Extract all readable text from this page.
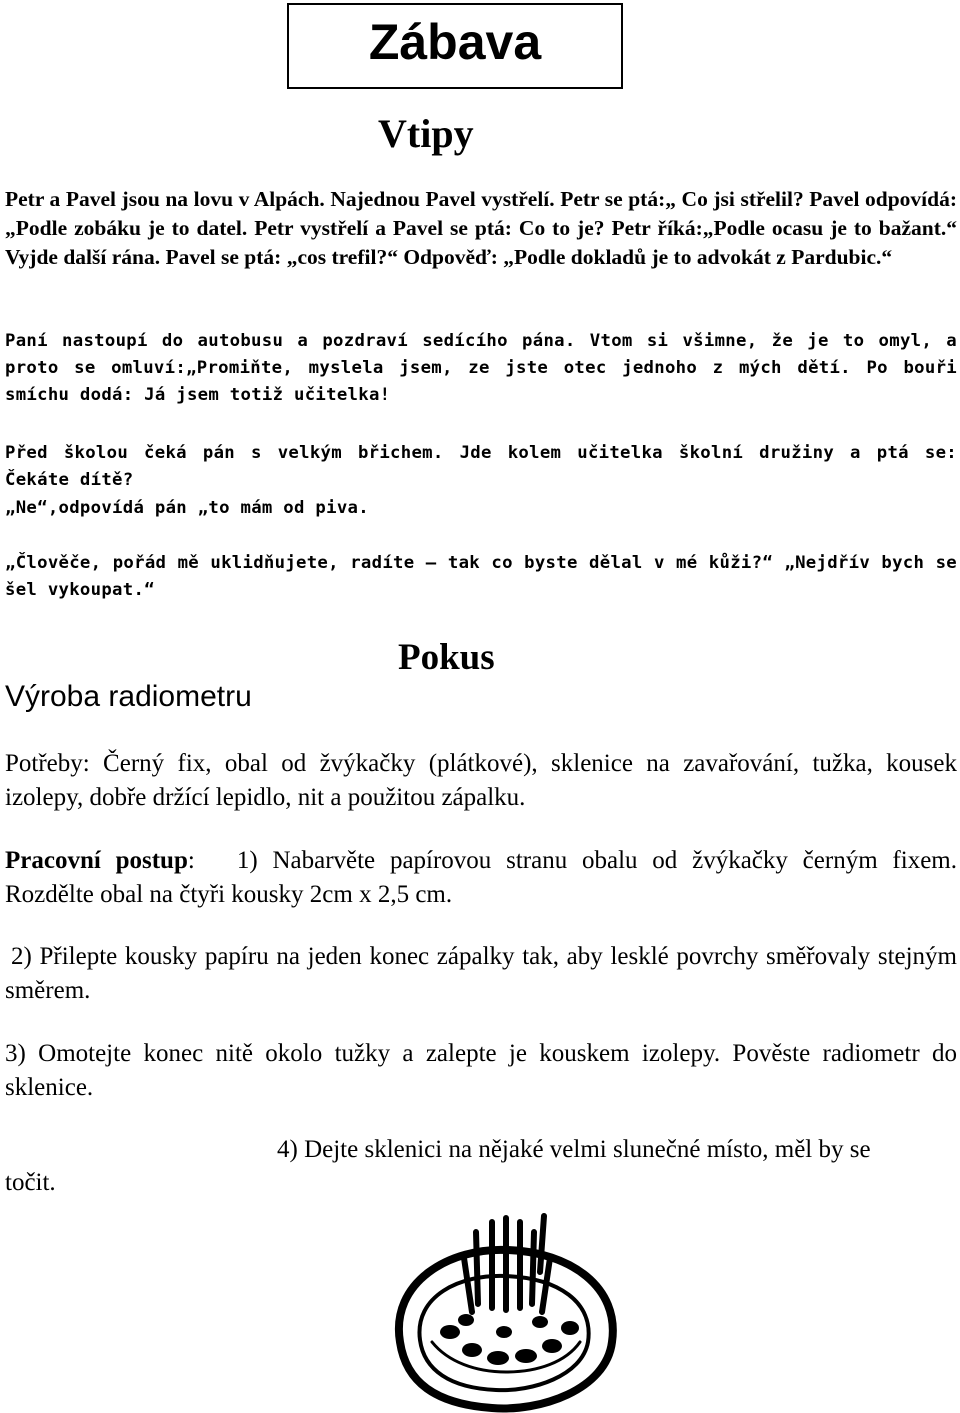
Zábava
Vtipy

Petr a Pavel jsou na lovu v Alpách. Najednou Pavel vystřelí. Petr se ptá:„ Co jsi střelil? Pavel odpovídá: „Podle zobáku je to datel. Petr vystřelí a Pavel se ptá: Co to je? Petr říká:„Podle ocasu je to bažant.“ Vyjde další rána. Pavel se ptá: „cos trefil?“ Odpověď: „Podle dokladů je to advokát z Pardubic.“

Paní nastoupí do autobusu a pozdraví sedícího pána. Vtom si všimne, že je to omyl, a proto se omluví:„Promiňte, myslela jsem, ze jste otec jednoho z mých dětí. Po bouři smíchu dodá: Já jsem totiž učitelka!

Před školou čeká pán s velkým břichem. Jde kolem učitelka školní družiny a ptá se: Čekáte dítě?

„Ne“,odpovídá pán „to mám od piva.

„Člověče, pořád mě uklidňujete, radíte – tak co byste dělal v mé kůži?“ „Nejdřív bych se šel vykoupat.“

Pokus
Výroba radiometru

Potřeby: Černý fix, obal od žvýkačky (plátkové), sklenice na zavařování, tužka, kousek izolepy, dobře držící lepidlo, nit a použitou zápalku.

Pracovní postup: 1) Nabarvěte papírovou stranu obalu od žvýkačky černým fixem. Rozdělte obal na čtyři kousky 2cm x 2,5 cm.

2) Přilepte kousky papíru na jeden konec zápalky tak, aby lesklé povrchy směřovaly stejným směrem.

3) Omotejte konec nitě okolo tužky a zalepte je kouskem izolepy. Pověste radiometr do sklenice.

4) Dejte sklenici na nějaké velmi slunečné místo, měl by se
točit.
